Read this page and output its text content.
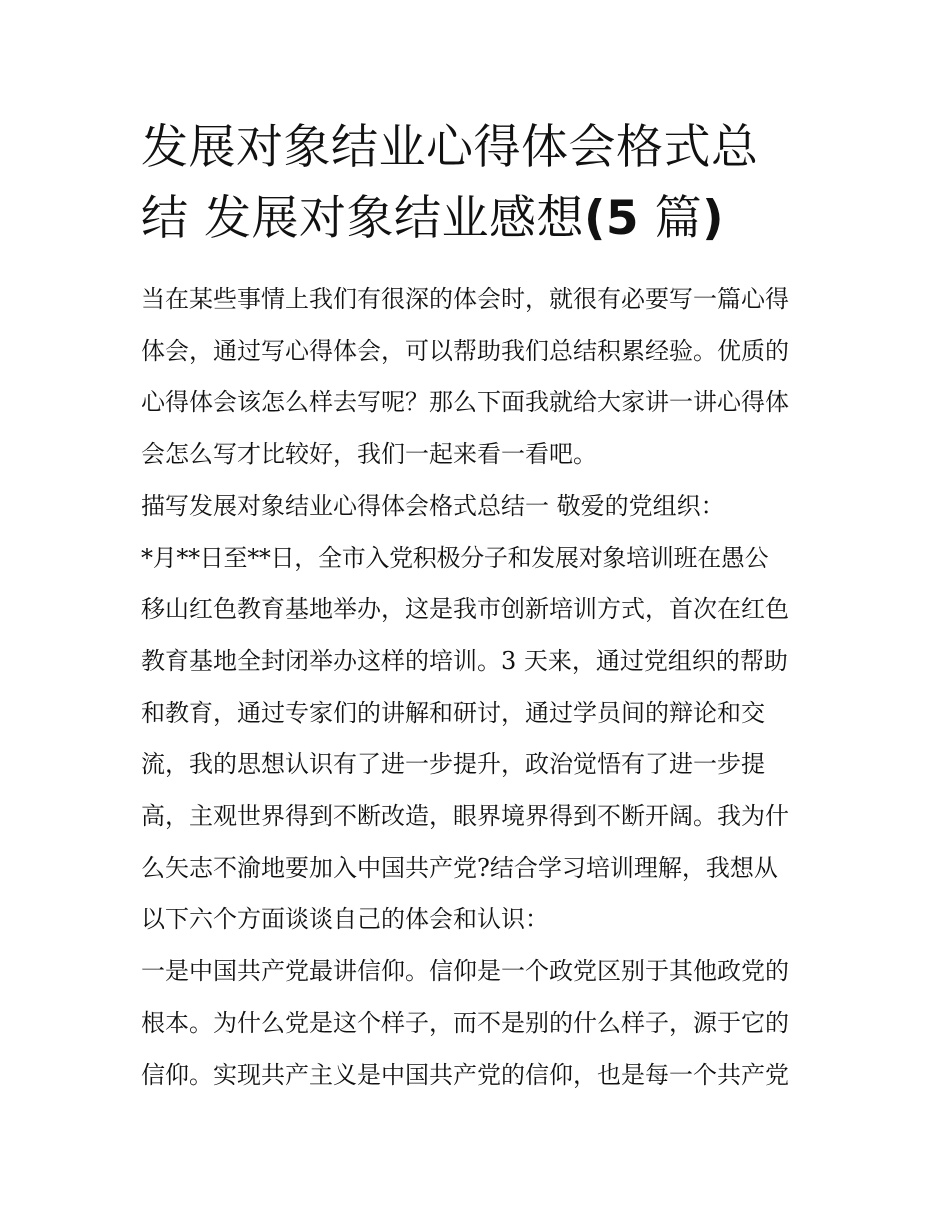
发展对象结业心得体会格式总
结 发展对象结业感想(5 篇)
当在某些事情上我们有很深的体会时，就很有必要写一篇心得
体会，通过写心得体会，可以帮助我们总结积累经验。优质的
心得体会该怎么样去写呢？那么下面我就给大家讲一讲心得体
会怎么写才比较好，我们一起来看一看吧。
描写发展对象结业心得体会格式总结一 敬爱的党组织：
*月**日至**日，全市入党积极分子和发展对象培训班在愚公
移山红色教育基地举办，这是我市创新培训方式，首次在红色
教育基地全封闭举办这样的培训。3 天来，通过党组织的帮助
和教育，通过专家们的讲解和研讨，通过学员间的辩论和交
流，我的思想认识有了进一步提升，政治觉悟有了进一步提
高，主观世界得到不断改造，眼界境界得到不断开阔。我为什
么矢志不渝地要加入中国共产党?结合学习培训理解，我想从
以下六个方面谈谈自己的体会和认识：
一是中国共产党最讲信仰。信仰是一个政党区别于其他政党的
根本。为什么党是这个样子，而不是别的什么样子，源于它的
信仰。实现共产主义是中国共产党的信仰，也是每一个共产党
